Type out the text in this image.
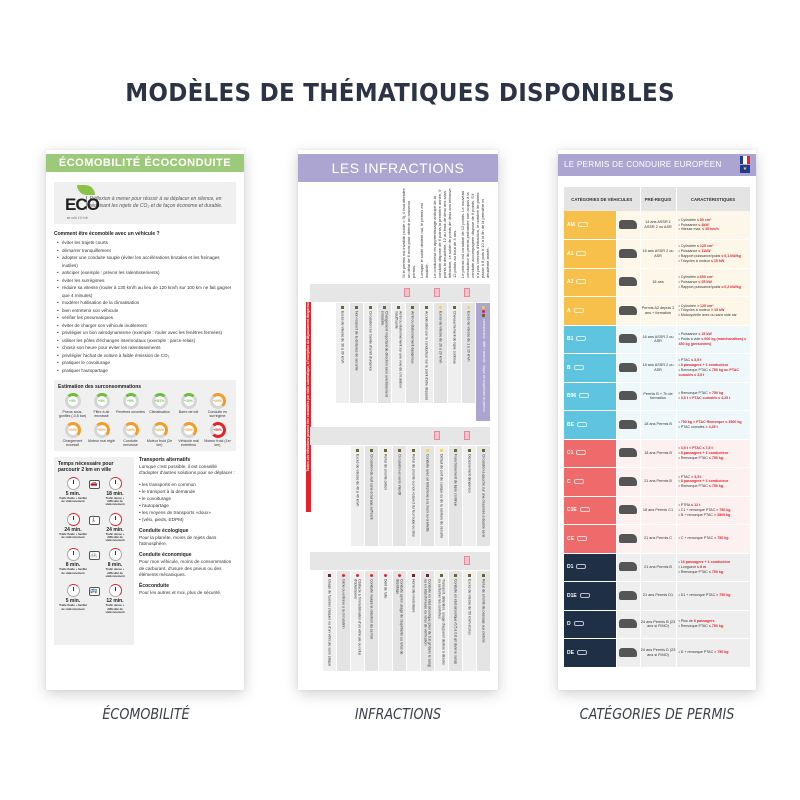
MODÈLES DE THÉMATIQUES DISPONIBLES
ÉCOMOBILITÉ ÉCOCONDUITE
ECO
mobilité
Réflexion à mener pour réussir à se déplacer en silence, en réduisant les rejets de CO₂ et de façon économe et durable.
Comment être écomobile avec un véhicule ?
• éviter les trajets courts
• démarrer tranquillement
• adopter une conduite souple (éviter les accélérations brutales et les freinages inutiles)
• anticiper (exemple : prévoir les ralentissements)
• éviter les surrégimes
• réduire sa vitesse (rouler à 130 km/h au lieu de 120 km/h sur 100 km ne fait gagner que 4 minutes)
• modérer l'utilisation de la climatisation
• bien entretenir son véhicule
• vérifier les pneumatiques
• éviter de charger son véhicule inutilement
• privilégier un bon aérodynamisme (exemple : rouler avec les fenêtres fermées)
• utiliser les pôles d'échanges intermodaux (exemple : parcs-relais)
• choisir son heure pour éviter les ralentissements
• privilégier l'achat de voiture à faible émission de CO₂
• pratiquer le covoiturage
• pratiquer l'autopartage
Estimation des surconsommations
+3%
Pneus sous-gonflés (-0,5 bar)
+3%
Filtre à air encrassé
+5%
Fenêtres ouvertes
+5/7%
Climatisation
+10%
Barre de toit
+20%
Conduite en surrégime
+20%
Chargement excessif
+20%
Moteur mal réglé
+20%
Conduite nerveuse
+20%
Moteur froid (2e km)
+20%
Véhicule mal entretenu
+50%
Moteur froid (1er km)
Temps nécessaire pour parcourir 2 km en ville
5 min.
Trafic fluide + facilité de stationnement
🚗
18 min.
Trafic dense + difficulté de stationnement
24 min.
Trafic fluide + facilité de stationnement
🚶
24 min.
Trafic dense + difficulté de stationnement
8 min.
Trafic fluide + facilité de stationnement
🚲
8 min.
Trafic dense + difficulté de stationnement
5 min.
Trafic fluide + facilité de stationnement
🚌
12 min.
Trafic dense + difficulté de stationnement
Transports alternatifs
Lorsque c'est possible, il est conseillé d'adopter d'autres solutions pour se déplacer :
• les transports en commun
• le transport à la demande
• le covoiturage
• l'autopartage
• les moyens de transports «doux»
• (vélo, pieds, EDPM)
Conduite écologique
Pour la planète, moins de rejets dans l'atmosphère.
Conduite économique
Pour mon véhicule, moins de consommation de carburant, d'usure des pneus ou des éléments mécaniques.
Écoconduite
Pour les autres et moi, plus de sécurité.
LES INFRACTIONS
Le permis est constitué de 12 points. Le nouveau conducteur du permis probatoire non acquis à la conduite accompagnée dispose de 6 points. S'il n'a pas commis d'infraction, le nombre de points passe à 8 puis à 10 à la fin de la première et deuxième année.
Le conducteur en apprentissage anticipé de la conduite dispose de 6 points la première année, 9 points la deuxième, 12 au bout de deux ans sans infraction. Le solde de points de deux ans retrouve 12 points au bout de 3 ans.
Lorsque le solde devient nul, le permis est invalidé.
Si le permis est invalidé (solde = 0), il faut attendre un délai de 6 mois pour obtenir un nouveau permis.
Toutes ces infractions peuvent être constatées par radar automatique, à l'exception du dépassement dangereux	Excès de vitesse de 30 à 39 km/h	Non respect de la distance de sécurité	Circulation sur bande d'arrêt d'urgence	Changement important de direction sans avertissement préalable	Arrêt ou stationnement sur une voie de circulation insuffisante	Arrêt ou stationnement dangereux	Accélération par le conducteur sur le point d'être dépassé	Excès de vitesse de 20 à 29 km/h	Chevauchement de ligne continue	Excès de vitesse de 1 à 19 km/h	contravention
délit + amende
risque de suspension du permis
Excès de vitesse de 40 à 49 km/h	Circulation de nuit sans éclairage suffisant	Refus de priorité piéton	Circulation en sens interdit	Refus de priorité ou non respect du feu rouge ou stop	Conduite avec un téléphone à la main ou oreillette	Défaut de port de casque ou de la ceinture de sécurité	Franchissement de ligne continue	Dépassement dangereux	Circulation à gauche sur une chaussée à double sens
Usage de fausses plaques ou d'un véhicule sans plaque	Gêne ou entrave à la circulation	Obstacle à l'immobilisation d'un véhicule ou refus d'obtempérer	Conduite malgré la rétention du permis	Délit de fuite	Conduite après usage de stupéfiants ou refus de dépistage	Homicide involontaire	Conduite en état alcoolique (plus de 0,8 g/l dans le sang) ou en état d'ivresse ou refus de vérification	Transport, détention, usage d'appareil destiné à déceler ou perturber les contrôles	Conduite en état alcoolique (0,5 à 0,8 g/l dans le sang)	Excès de vitesse de 50 km/h et plus	Refus de priorité de passage aux piétons
LE PERMIS DE CONDUIRE EUROPÉEN	★
CATÉGORIES DE VÉHICULES		PRÉ-REQUIS	CARACTÉRISTIQUES
AM		14 ans ASSR 1 ASSR 2 ou ASR	• Cylindrée ≤ 50 cm³
• Puissance ≤ 4kW
• Vitesse max. ≤ 45 km/h

A1		16 ans ASSR 2 ou ASR	• Cylindrée ≤ 125 cm³
• Puissance ≤ 11kW
• Rapport puissance/poids ≤ 0,1 kW/kg
• Tricycles à moteur ≤ 15 kW

A2		18 ans	• Cylindrée ≥ 600 cm³
• Puissance ≤ 35 kW
• Rapport puissance/poids ≤ 0,2 kW/kg

A		Permis A2 depuis 2 ans + formation	• Cylindrée > 125 cm³
• Tricycles à moteur > 15 kW
• Motocyclette avec ou sans side car

B1		16 ans ASSR 2 ou ASR	• Puissance ≤ 15 kW
• Poids à vide ≤ 600 kg (marchandises) ≤ 450 kg (personnes)

B		18 ans ASSR 2 ou ASR	• PTAC ≤ 3,5 t
• 8 passagers + 1 conducteur
• Remorque PTAC ≤ 750 kg ou PTAC cumulés ≤ 3,5 t

B96		Permis B + 7h de formation	• Remorque PTAC > 750 kg
• 3,5 t < PTAC cumulés ≤ 4,25 t

BE		18 ans Permis B	• 750 kg < PTAC Remorque ≤ 3500 kg
• PTAC cumulés > 4,25 t

C1		18 ans Permis B	• 3,5 t < PTAC ≤ 7,5 t
• 8 passagers + 1 conducteur
• Remorque PTAC ≤ 750 kg

C		21 ans Permis B	• PTAC > 3,5 t
• 8 passagers + 1 conducteur
• Remorque PTAC ≤ 750 kg

C1E		18 ans Permis C1	• PTRA ≤ 12 t
• C1 + remorque PTAC > 750 kg
• B + remorque PTAC > 3500 kg

CE		21 ans Permis C	• C + remorque PTAC > 750 kg

D1		21 ans Permis B	• 16 passagers + 1 conducteur
• Longueur ≤ 8 m
• Remorque PTAC ≤ 750 kg

D1E		21 ans Permis D1	• D1 + remorque PTAC > 750 kg

D		24 ans Permis B (23 ans si FIMO)	• Plus de 8 passagers
• Remorque PTAC ≤ 750 kg

DE		24 ans Permis D (23 ans si FIMO)	• D + remorque PTAC > 750 kg
ÉCOMOBILITÉ	INFRACTIONS	CATÉGORIES DE PERMIS
